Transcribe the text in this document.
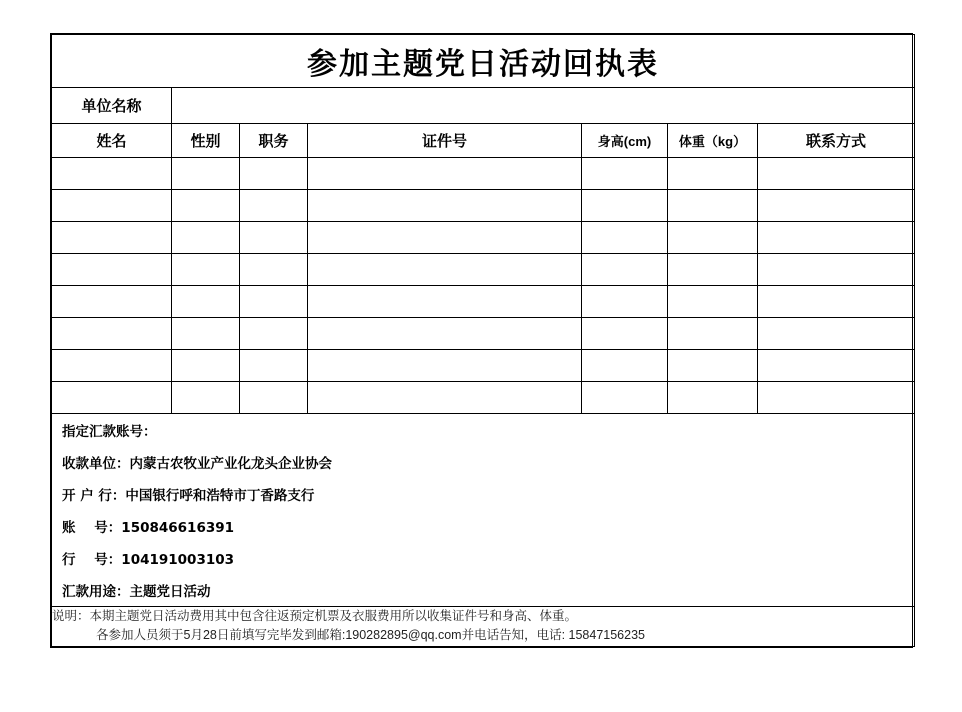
参加主题党日活动回执表						
单位名称						
姓名	性别	职务	证件号	身高(cm)	体重（kg）	联系方式

指定汇款账号：
收款单位：内蒙古农牧业产业化龙头企业协会
开 户 行：中国银行呼和浩特市丁香路支行
账    号：150846616391
行    号：104191003103
汇款用途：主题党日活动

说明：本期主题党日活动费用其中包含往返预定机票及衣服费用所以收集证件号和身高、体重。
各参加人员须于5月28日前填写完毕发到邮箱:190282895@qq.com并电话告知，电话: 15847156235						
